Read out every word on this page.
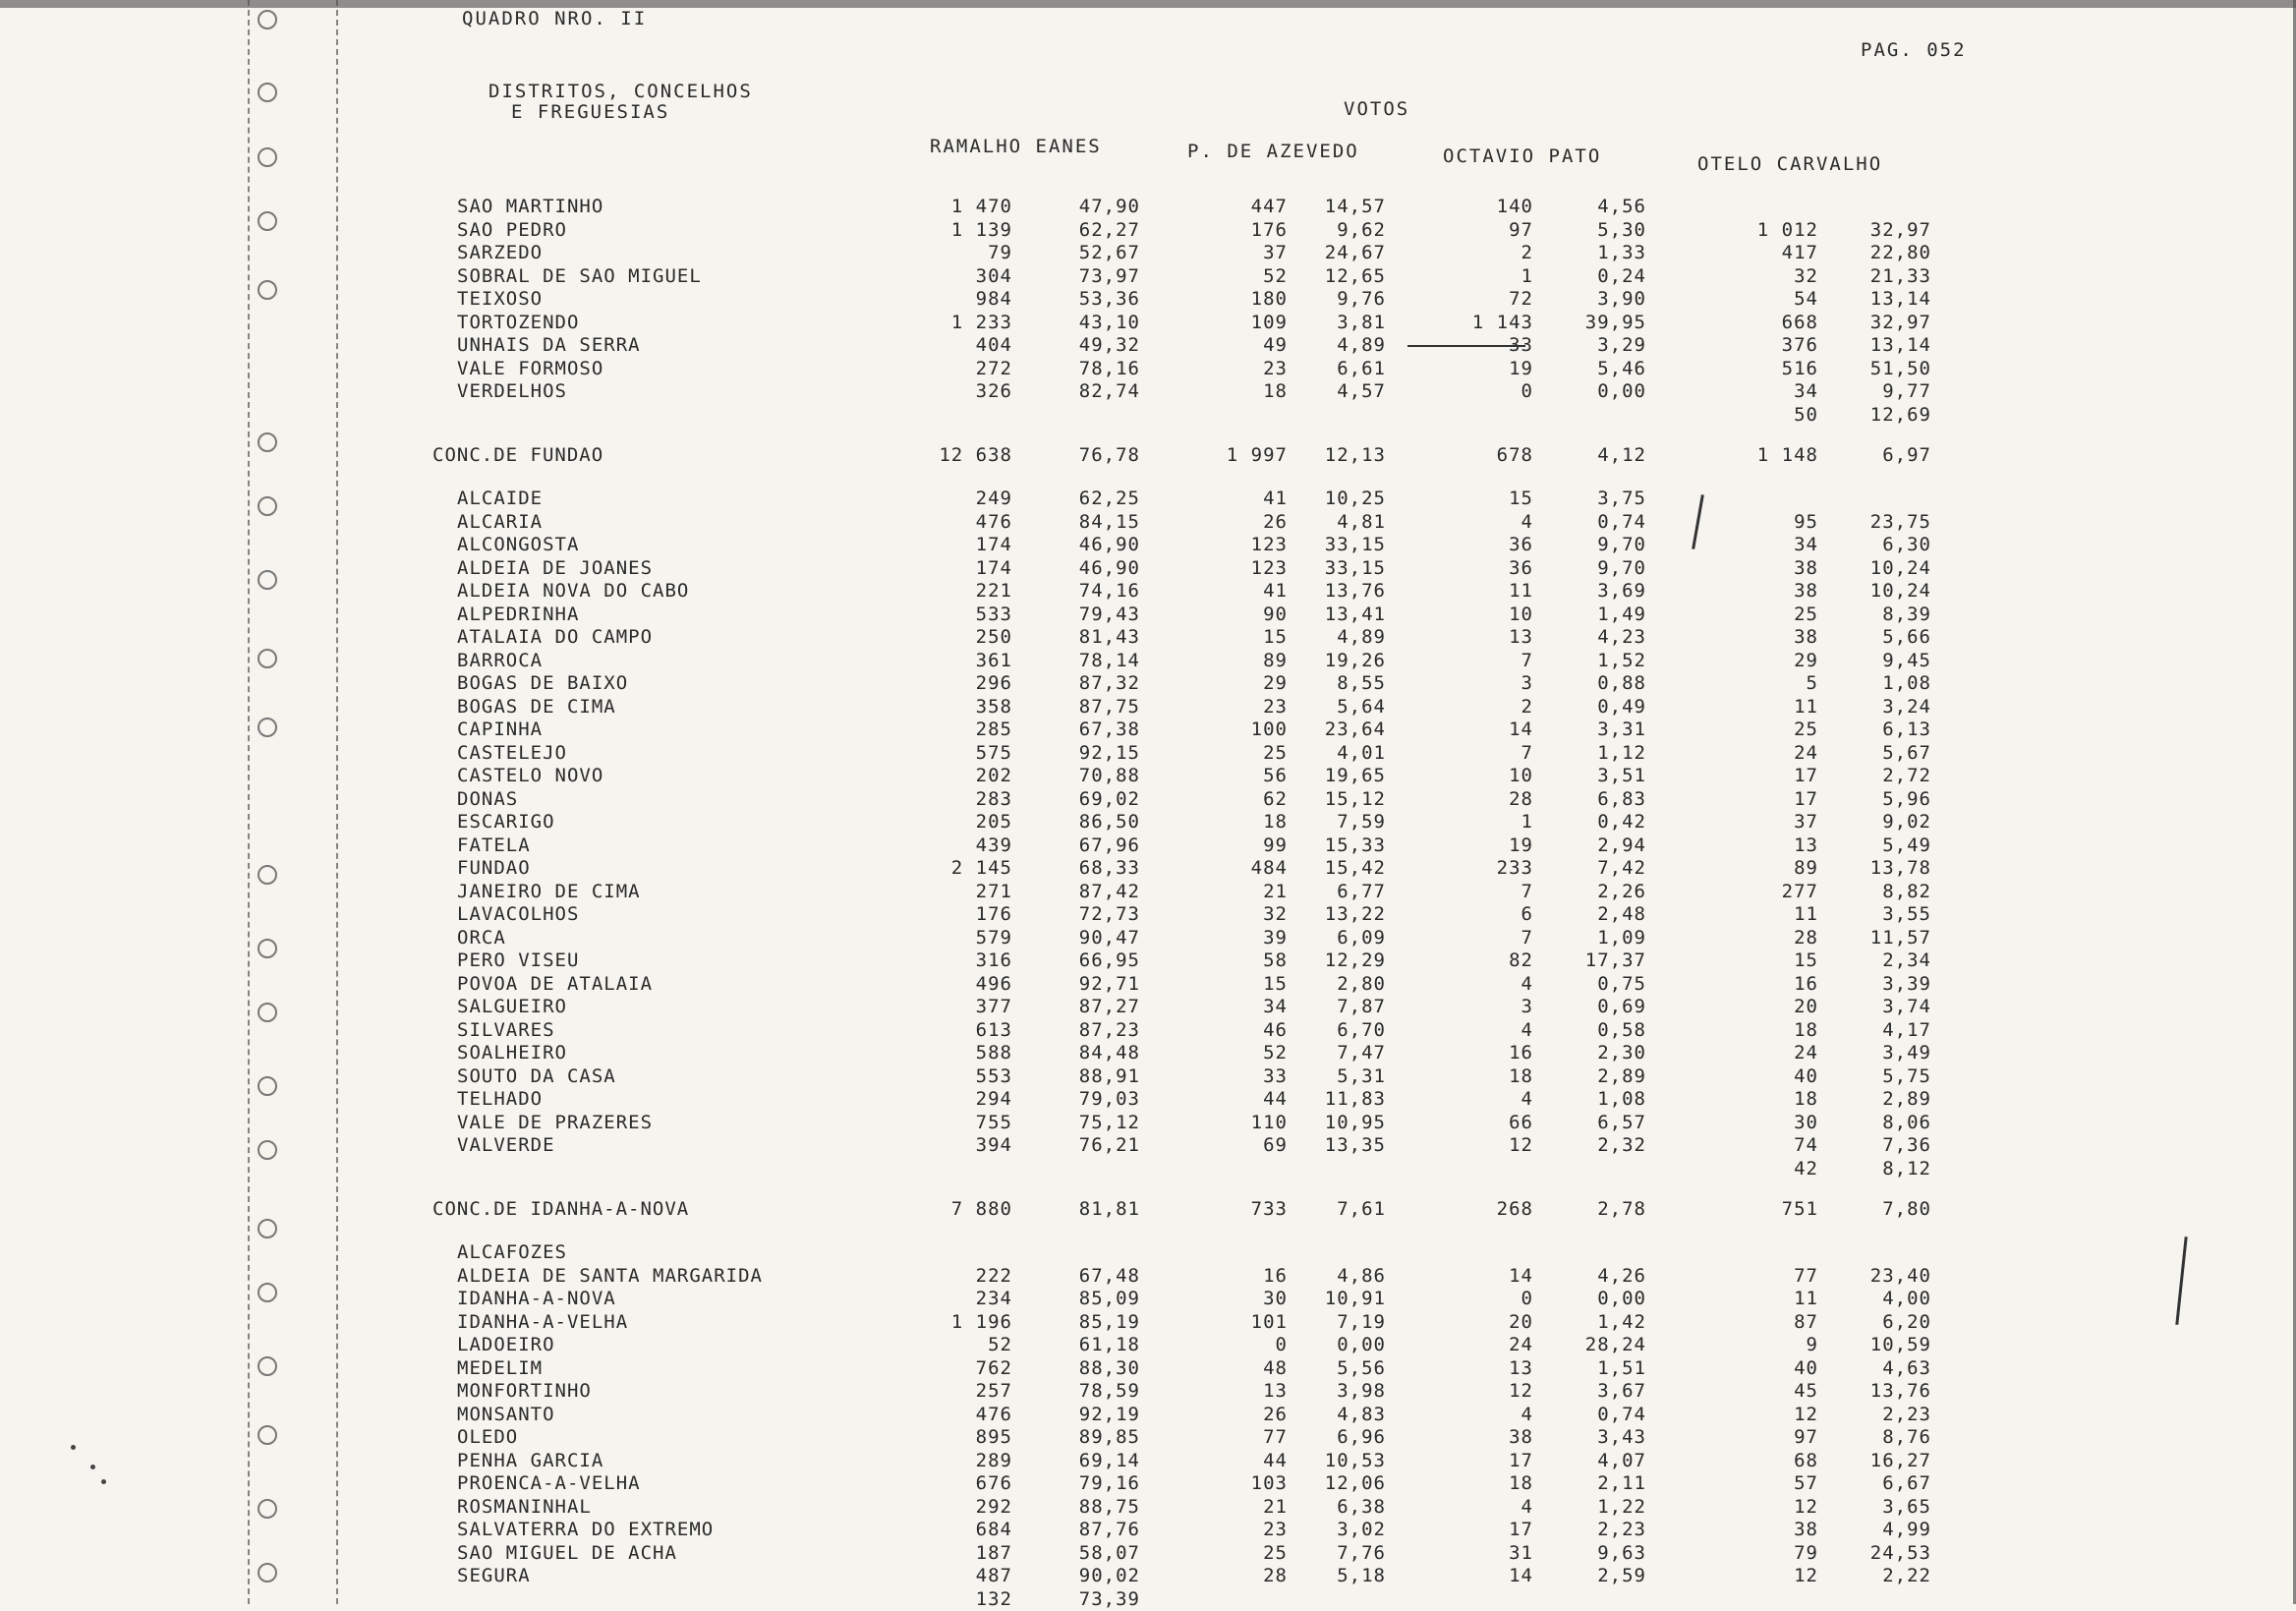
QUADRO NRO. II
PAG. 052
DISTRITOS, CONCELHOS
E FREGUESIAS	VOTOS
RAMALHO EANES	P. DE AZEVEDO	OCTAVIO PATO	OTELO CARVALHO
SAO MARTINHO	1 470	47,90	447	14,57	140	4,56
SAO PEDRO	1 139	62,27	176	9,62	97	5,30	1 012	32,97
SARZEDO	79	52,67	37	24,67	2	1,33	417	22,80
SOBRAL DE SAO MIGUEL	304	73,97	52	12,65	1	0,24	32	21,33
TEIXOSO	984	53,36	180	9,76	72	3,90	54	13,14
TORTOZENDO	1 233	43,10	109	3,81	1 143	39,95	668	32,97
UNHAIS DA SERRA	404	49,32	49	4,89	33	3,29	376	13,14
VALE FORMOSO	272	78,16	23	6,61	19	5,46	516	51,50
VERDELHOS	326	82,74	18	4,57	0	0,00	34	9,77
50	12,69
CONC.DE FUNDAO	12 638	76,78	1 997	12,13	678	4,12	1 148	6,97
ALCAIDE	249	62,25	41	10,25	15	3,75
ALCARIA	476	84,15	26	4,81	4	0,74	95	23,75
ALCONGOSTA	174	46,90	123	33,15	36	9,70	34	6,30
ALDEIA DE JOANES	174	46,90	123	33,15	36	9,70	38	10,24
ALDEIA NOVA DO CABO	221	74,16	41	13,76	11	3,69	38	10,24
ALPEDRINHA	533	79,43	90	13,41	10	1,49	25	8,39
ATALAIA DO CAMPO	250	81,43	15	4,89	13	4,23	38	5,66
BARROCA	361	78,14	89	19,26	7	1,52	29	9,45
BOGAS DE BAIXO	296	87,32	29	8,55	3	0,88	5	1,08
BOGAS DE CIMA	358	87,75	23	5,64	2	0,49	11	3,24
CAPINHA	285	67,38	100	23,64	14	3,31	25	6,13
CASTELEJO	575	92,15	25	4,01	7	1,12	24	5,67
CASTELO NOVO	202	70,88	56	19,65	10	3,51	17	2,72
DONAS	283	69,02	62	15,12	28	6,83	17	5,96
ESCARIGO	205	86,50	18	7,59	1	0,42	37	9,02
FATELA	439	67,96	99	15,33	19	2,94	13	5,49
FUNDAO	2 145	68,33	484	15,42	233	7,42	89	13,78
JANEIRO DE CIMA	271	87,42	21	6,77	7	2,26	277	8,82
LAVACOLHOS	176	72,73	32	13,22	6	2,48	11	3,55
ORCA	579	90,47	39	6,09	7	1,09	28	11,57
PERO VISEU	316	66,95	58	12,29	82	17,37	15	2,34
POVOA DE ATALAIA	496	92,71	15	2,80	4	0,75	16	3,39
SALGUEIRO	377	87,27	34	7,87	3	0,69	20	3,74
SILVARES	613	87,23	46	6,70	4	0,58	18	4,17
SOALHEIRO	588	84,48	52	7,47	16	2,30	24	3,49
SOUTO DA CASA	553	88,91	33	5,31	18	2,89	40	5,75
TELHADO	294	79,03	44	11,83	4	1,08	18	2,89
VALE DE PRAZERES	755	75,12	110	10,95	66	6,57	30	8,06
VALVERDE	394	76,21	69	13,35	12	2,32	74	7,36
42	8,12
CONC.DE IDANHA-A-NOVA	7 880	81,81	733	7,61	268	2,78	751	7,80
ALCAFOZES
ALDEIA DE SANTA MARGARIDA	222	67,48	16	4,86	14	4,26	77	23,40
IDANHA-A-NOVA	234	85,09	30	10,91	0	0,00	11	4,00
IDANHA-A-VELHA	1 196	85,19	101	7,19	20	1,42	87	6,20
LADOEIRO	52	61,18	0	0,00	24	28,24	9	10,59
MEDELIM	762	88,30	48	5,56	13	1,51	40	4,63
MONFORTINHO	257	78,59	13	3,98	12	3,67	45	13,76
MONSANTO	476	92,19	26	4,83	4	0,74	12	2,23
OLEDO	895	89,85	77	6,96	38	3,43	97	8,76
PENHA GARCIA	289	69,14	44	10,53	17	4,07	68	16,27
PROENCA-A-VELHA	676	79,16	103	12,06	18	2,11	57	6,67
ROSMANINHAL	292	88,75	21	6,38	4	1,22	12	3,65
SALVATERRA DO EXTREMO	684	87,76	23	3,02	17	2,23	38	4,99
SAO MIGUEL DE ACHA	187	58,07	25	7,76	31	9,63	79	24,53
SEGURA	487	90,02	28	5,18	14	2,59	12	2,22
132	73,39
